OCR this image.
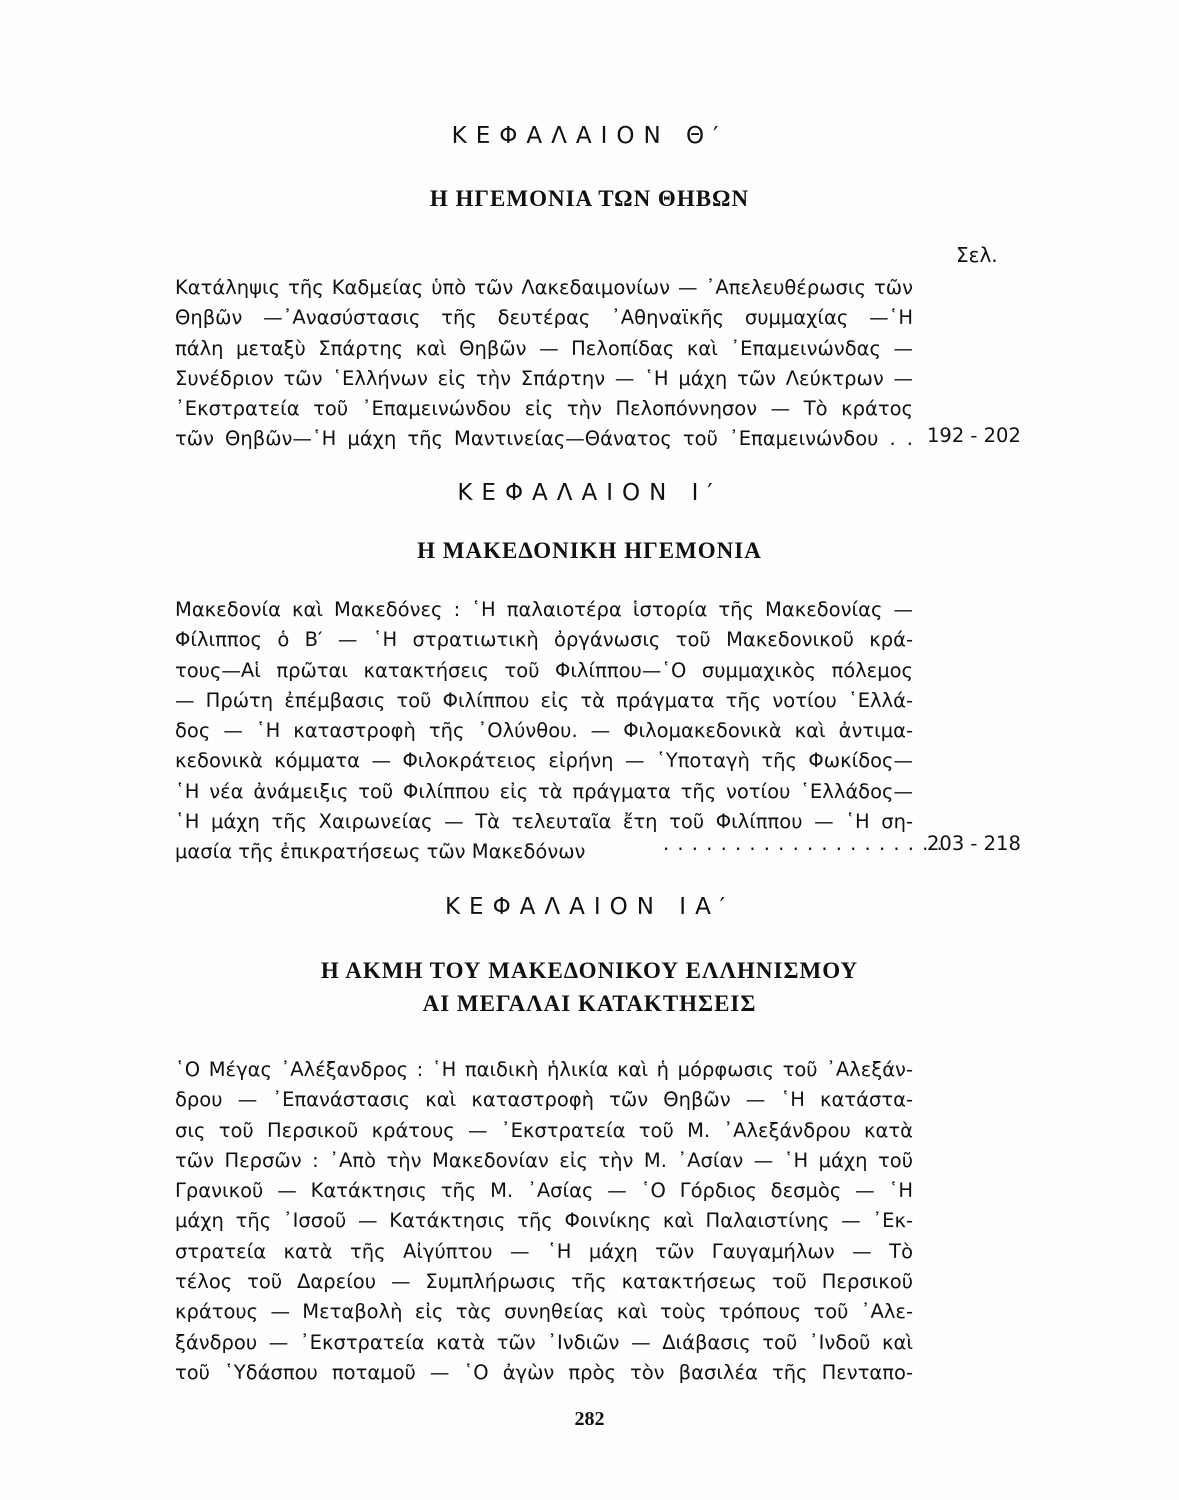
ΚΕΦΑΛΑΙΟΝ Θ′
Η ΗΓΕΜΟΝΙΑ ΤΩΝ ΘΗΒΩΝ
Σελ.
Κατάληψις τῆς Καδμείας ὑπὸ τῶν Λακεδαιμονίων — ᾿Απελευθέρωσις τῶν
Θηβῶν —᾿Ανασύστασις τῆς δευτέρας ᾿Αθηναϊκῆς συμμαχίας —῾Η
πάλη μεταξὺ Σπάρτης καὶ Θηβῶν — Πελοπίδας καὶ ᾿Επαμεινώνδας —
Συνέδριον τῶν ῾Ελλήνων εἰς τὴν Σπάρτην — ῾Η μάχη τῶν Λεύκτρων —
᾿Εκστρατεία τοῦ ᾿Επαμεινώνδου εἰς τὴν Πελοπόννησον — Τὸ κράτος
τῶν Θηβῶν—῾Η μάχη τῆς Μαντινείας—Θάνατος τοῦ ᾿Επαμεινώνδου . . 192 - 202
ΚΕΦΑΛΑΙΟΝ Ι′
Η ΜΑΚΕΔΟΝΙΚΗ ΗΓΕΜΟΝΙΑ
Μακεδονία καὶ Μακεδόνες : ῾Η παλαιοτέρα ἱστορία τῆς Μακεδονίας —
Φίλιππος ὁ Β′ — ῾Η στρατιωτικὴ ὀργάνωσις τοῦ Μακεδονικοῦ κρά-
τους—Αἱ πρῶται κατακτήσεις τοῦ Φιλίππου—῾Ο συμμαχικὸς πόλεμος
— Πρώτη ἐπέμβασις τοῦ Φιλίππου εἰς τὰ πράγματα τῆς νοτίου ῾Ελλά-
δος — ῾Η καταστροφὴ τῆς ᾿Ολύνθου. — Φιλομακεδονικὰ καὶ ἀντιμα-
κεδονικὰ κόμματα — Φιλοκράτειος εἰρήνη — ῾Υποταγὴ τῆς Φωκίδος—
῾Η νέα ἀνάμειξις τοῦ Φιλίππου εἰς τὰ πράγματα τῆς νοτίου ῾Ελλάδος—
῾Η μάχη τῆς Χαιρωνείας — Τὰ τελευταῖα ἔτη τοῦ Φιλίππου — ῾Η ση-
μασία τῆς ἐπικρατήσεως τῶν Μακεδόνων	. . . . . . . . . . . . . . . . . . . .
203 - 218
ΚΕΦΑΛΑΙΟΝ ΙΑ′
Η ΑΚΜΗ ΤΟΥ ΜΑΚΕΔΟΝΙΚΟΥ ΕΛΛΗΝΙΣΜΟΥ
ΑΙ ΜΕΓΑΛΑΙ ΚΑΤΑΚΤΗΣΕΙΣ
῾Ο Μέγας ᾿Αλέξανδρος : ῾Η παιδικὴ ἡλικία καὶ ἡ μόρφωσις τοῦ ᾿Αλεξάν-
δρου — ᾿Επανάστασις καὶ καταστροφὴ τῶν Θηβῶν — ῾Η κατάστα-
σις τοῦ Περσικοῦ κράτους — ᾿Εκστρατεία τοῦ Μ. ᾿Αλεξάνδρου κατὰ
τῶν Περσῶν : ᾿Απὸ τὴν Μακεδονίαν εἰς τὴν Μ. ᾿Ασίαν — ῾Η μάχη τοῦ
Γρανικοῦ — Κατάκτησις τῆς Μ. ᾿Ασίας — ῾Ο Γόρδιος δεσμὸς — ῾Η
μάχη τῆς ᾿Ισσοῦ — Κατάκτησις τῆς Φοινίκης καὶ Παλαιστίνης — ᾿Εκ-
στρατεία κατὰ τῆς Αἰγύπτου — ῾Η μάχη τῶν Γαυγαμήλων — Τὸ
τέλος τοῦ Δαρείου — Συμπλήρωσις τῆς κατακτήσεως τοῦ Περσικοῦ
κράτους — Μεταβολὴ εἰς τὰς συνηθείας καὶ τοὺς τρόπους τοῦ ᾿Αλε-
ξάνδρου — ᾿Εκστρατεία κατὰ τῶν ᾿Ινδιῶν — Διάβασις τοῦ ᾿Ινδοῦ καὶ
τοῦ ῾Υδάσπου ποταμοῦ — ῾Ο ἀγὼν πρὸς τὸν βασιλέα τῆς Πενταπο-
282
